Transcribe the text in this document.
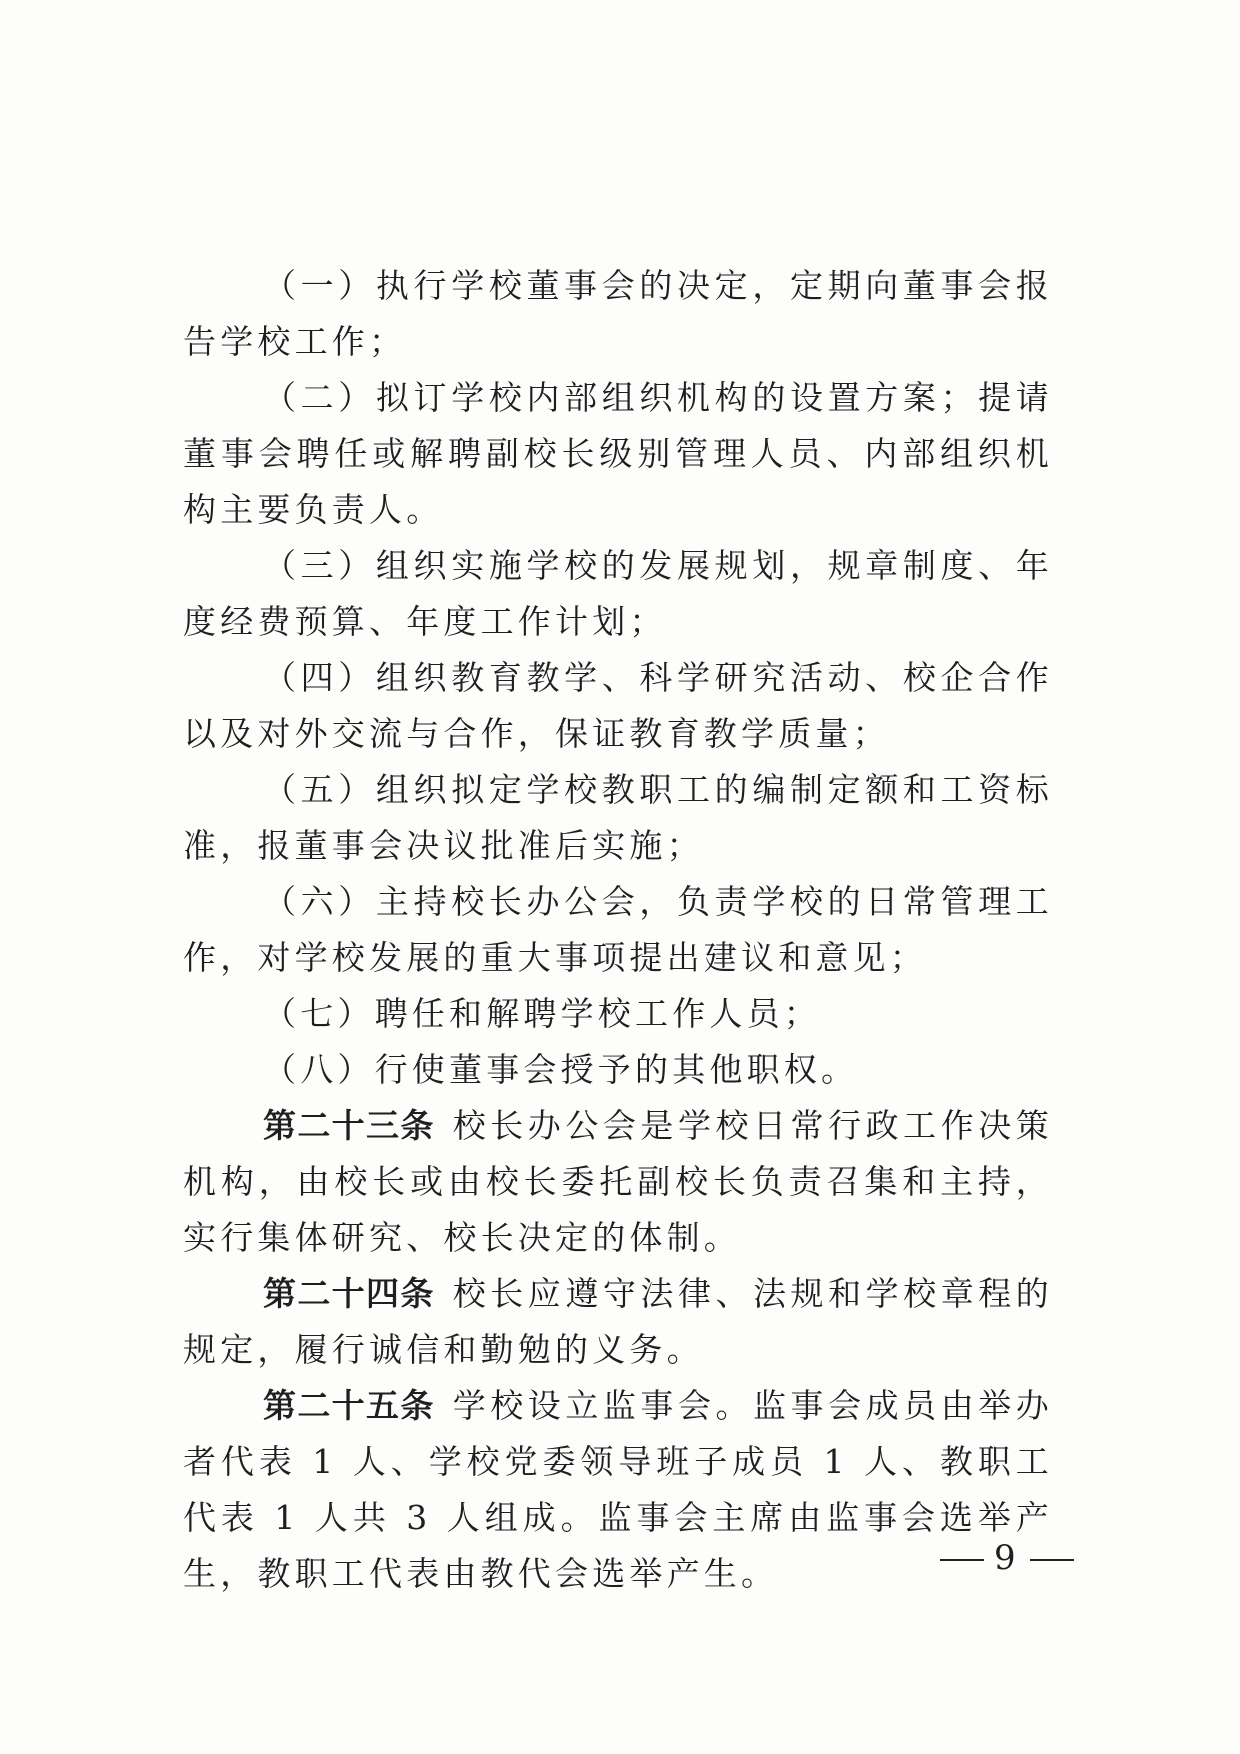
（一）执行学校董事会的决定，定期向董事会报告学校工作；

（二）拟订学校内部组织机构的设置方案；提请董事会聘任或解聘副校长级别管理人员、内部组织机构主要负责人。

（三）组织实施学校的发展规划，规章制度、年度经费预算、年度工作计划；

（四）组织教育教学、科学研究活动、校企合作以及对外交流与合作，保证教育教学质量；

（五）组织拟定学校教职工的编制定额和工资标准，报董事会决议批准后实施；

（六）主持校长办公会，负责学校的日常管理工作，对学校发展的重大事项提出建议和意见；

（七）聘任和解聘学校工作人员；

（八）行使董事会授予的其他职权。

第二十三条 校长办公会是学校日常行政工作决策机构，由校长或由校长委托副校长负责召集和主持，实行集体研究、校长决定的体制。

第二十四条 校长应遵守法律、法规和学校章程的规定，履行诚信和勤勉的义务。

第二十五条 学校设立监事会。监事会成员由举办者代表 1 人、学校党委领导班子成员 1 人、教职工代表 1 人共 3 人组成。监事会主席由监事会选举产生，教职工代表由教代会选举产生。	9
